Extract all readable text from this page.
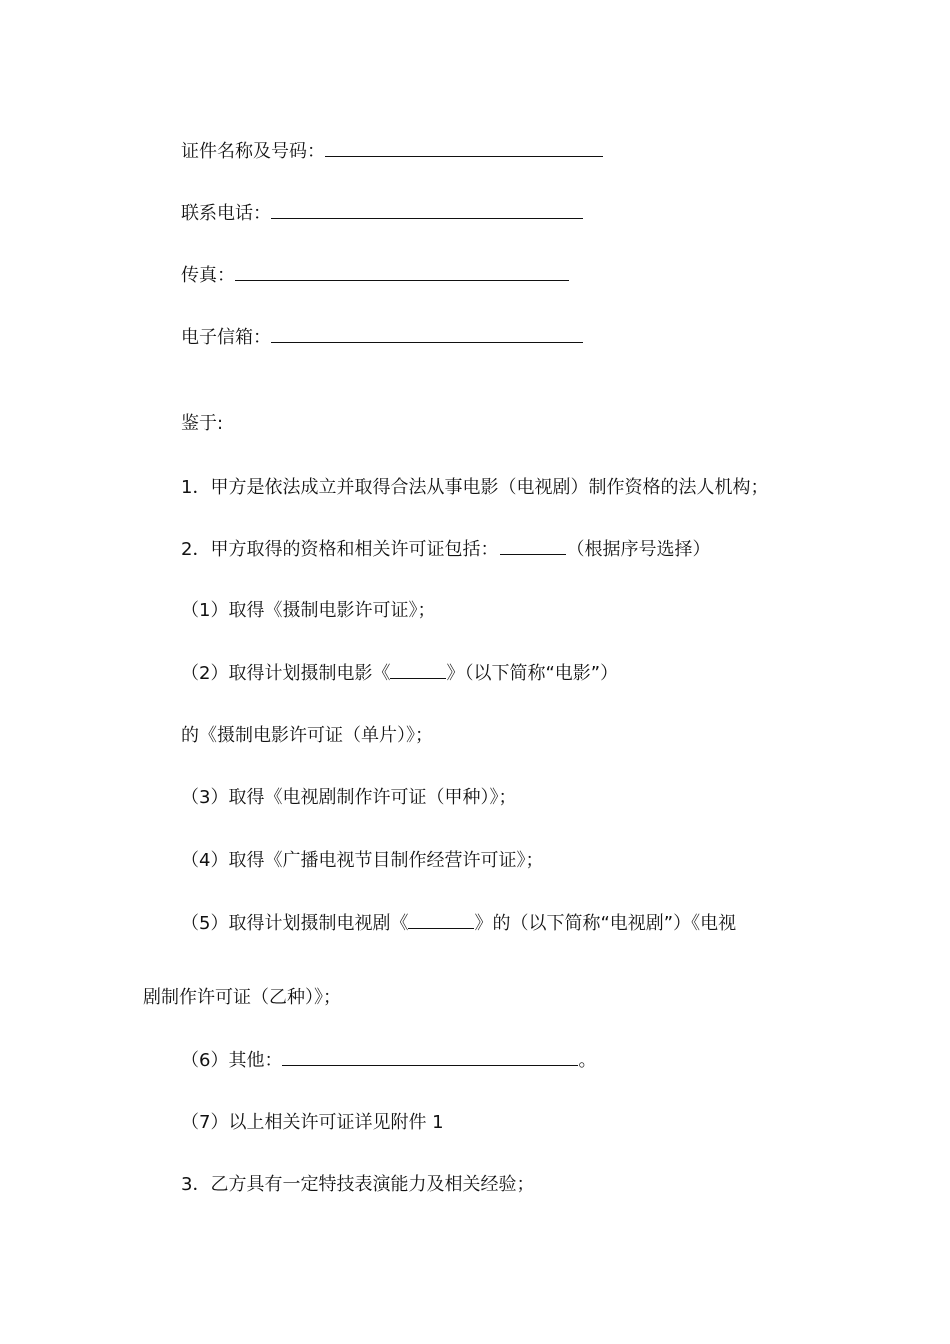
证件名称及号码：
联系电话：
传真：
电子信箱：
鉴于:
1．甲方是依法成立并取得合法从事电影（电视剧）制作资格的法人机构；
2．甲方取得的资格和相关许可证包括：	（根据序号选择）
（1）取得《摄制电影许可证》；
（2）取得计划摄制电影《	》（以下简称“电影”）
的《摄制电影许可证（单片）》；
（3）取得《电视剧制作许可证（甲种）》；
（4）取得《广播电视节目制作经营许可证》；
（5）取得计划摄制电视剧《	》的（以下简称“电视剧”）《电视
剧制作许可证（乙种）》；
（6）其他：	。
（7）以上相关许可证详见附件 1
3．乙方具有一定特技表演能力及相关经验；
